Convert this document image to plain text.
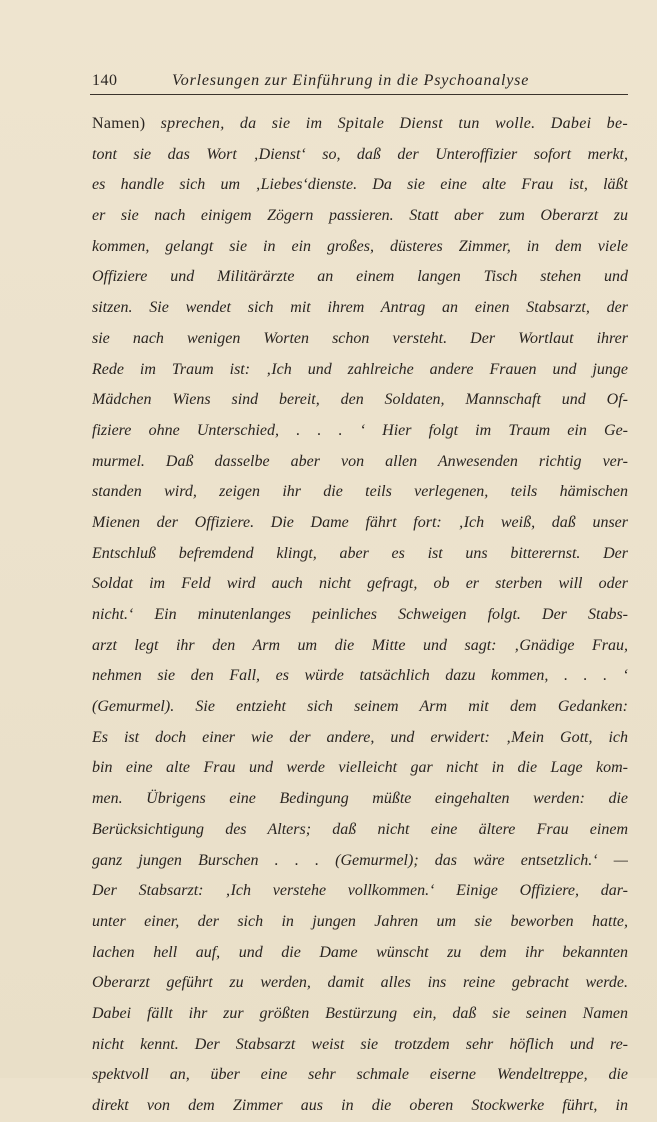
140	Vorlesungen zur Einführung in die Psychoanalyse
Namen) sprechen, da sie im Spitale Dienst tun wolle. Dabei be-
tont sie das Wort ‚Dienst‘ so, daß der Unteroffizier sofort merkt,
es handle sich um ‚Liebes‘dienste. Da sie eine alte Frau ist, läßt
er sie nach einigem Zögern passieren. Statt aber zum Oberarzt zu
kommen, gelangt sie in ein großes, düsteres Zimmer, in dem viele
Offiziere und Militärärzte an einem langen Tisch stehen und
sitzen. Sie wendet sich mit ihrem Antrag an einen Stabsarzt, der
sie nach wenigen Worten schon versteht. Der Wortlaut ihrer
Rede im Traum ist: ‚Ich und zahlreiche andere Frauen und junge
Mädchen Wiens sind bereit, den Soldaten, Mannschaft und Of-
fiziere ohne Unterschied, . . . ‘ Hier folgt im Traum ein Ge-
murmel. Daß dasselbe aber von allen Anwesenden richtig ver-
standen wird, zeigen ihr die teils verlegenen, teils hämischen
Mienen der Offiziere. Die Dame fährt fort: ‚Ich weiß, daß unser
Entschluß befremdend klingt, aber es ist uns bitterernst. Der
Soldat im Feld wird auch nicht gefragt, ob er sterben will oder
nicht.‘ Ein minutenlanges peinliches Schweigen folgt. Der Stabs-
arzt legt ihr den Arm um die Mitte und sagt: ‚Gnädige Frau,
nehmen sie den Fall, es würde tatsächlich dazu kommen, . . . ‘
(Gemurmel). Sie entzieht sich seinem Arm mit dem Gedanken:
Es ist doch einer wie der andere, und erwidert: ‚Mein Gott, ich
bin eine alte Frau und werde vielleicht gar nicht in die Lage kom-
men. Übrigens eine Bedingung müßte eingehalten werden: die
Berücksichtigung des Alters; daß nicht eine ältere Frau einem
ganz jungen Burschen . . . (Gemurmel); das wäre entsetzlich.‘ —
Der Stabsarzt: ‚Ich verstehe vollkommen.‘ Einige Offiziere, dar-
unter einer, der sich in jungen Jahren um sie beworben hatte,
lachen hell auf, und die Dame wünscht zu dem ihr bekannten
Oberarzt geführt zu werden, damit alles ins reine gebracht werde.
Dabei fällt ihr zur größten Bestürzung ein, daß sie seinen Namen
nicht kennt. Der Stabsarzt weist sie trotzdem sehr höflich und re-
spektvoll an, über eine sehr schmale eiserne Wendeltreppe, die
direkt von dem Zimmer aus in die oberen Stockwerke führt, in
